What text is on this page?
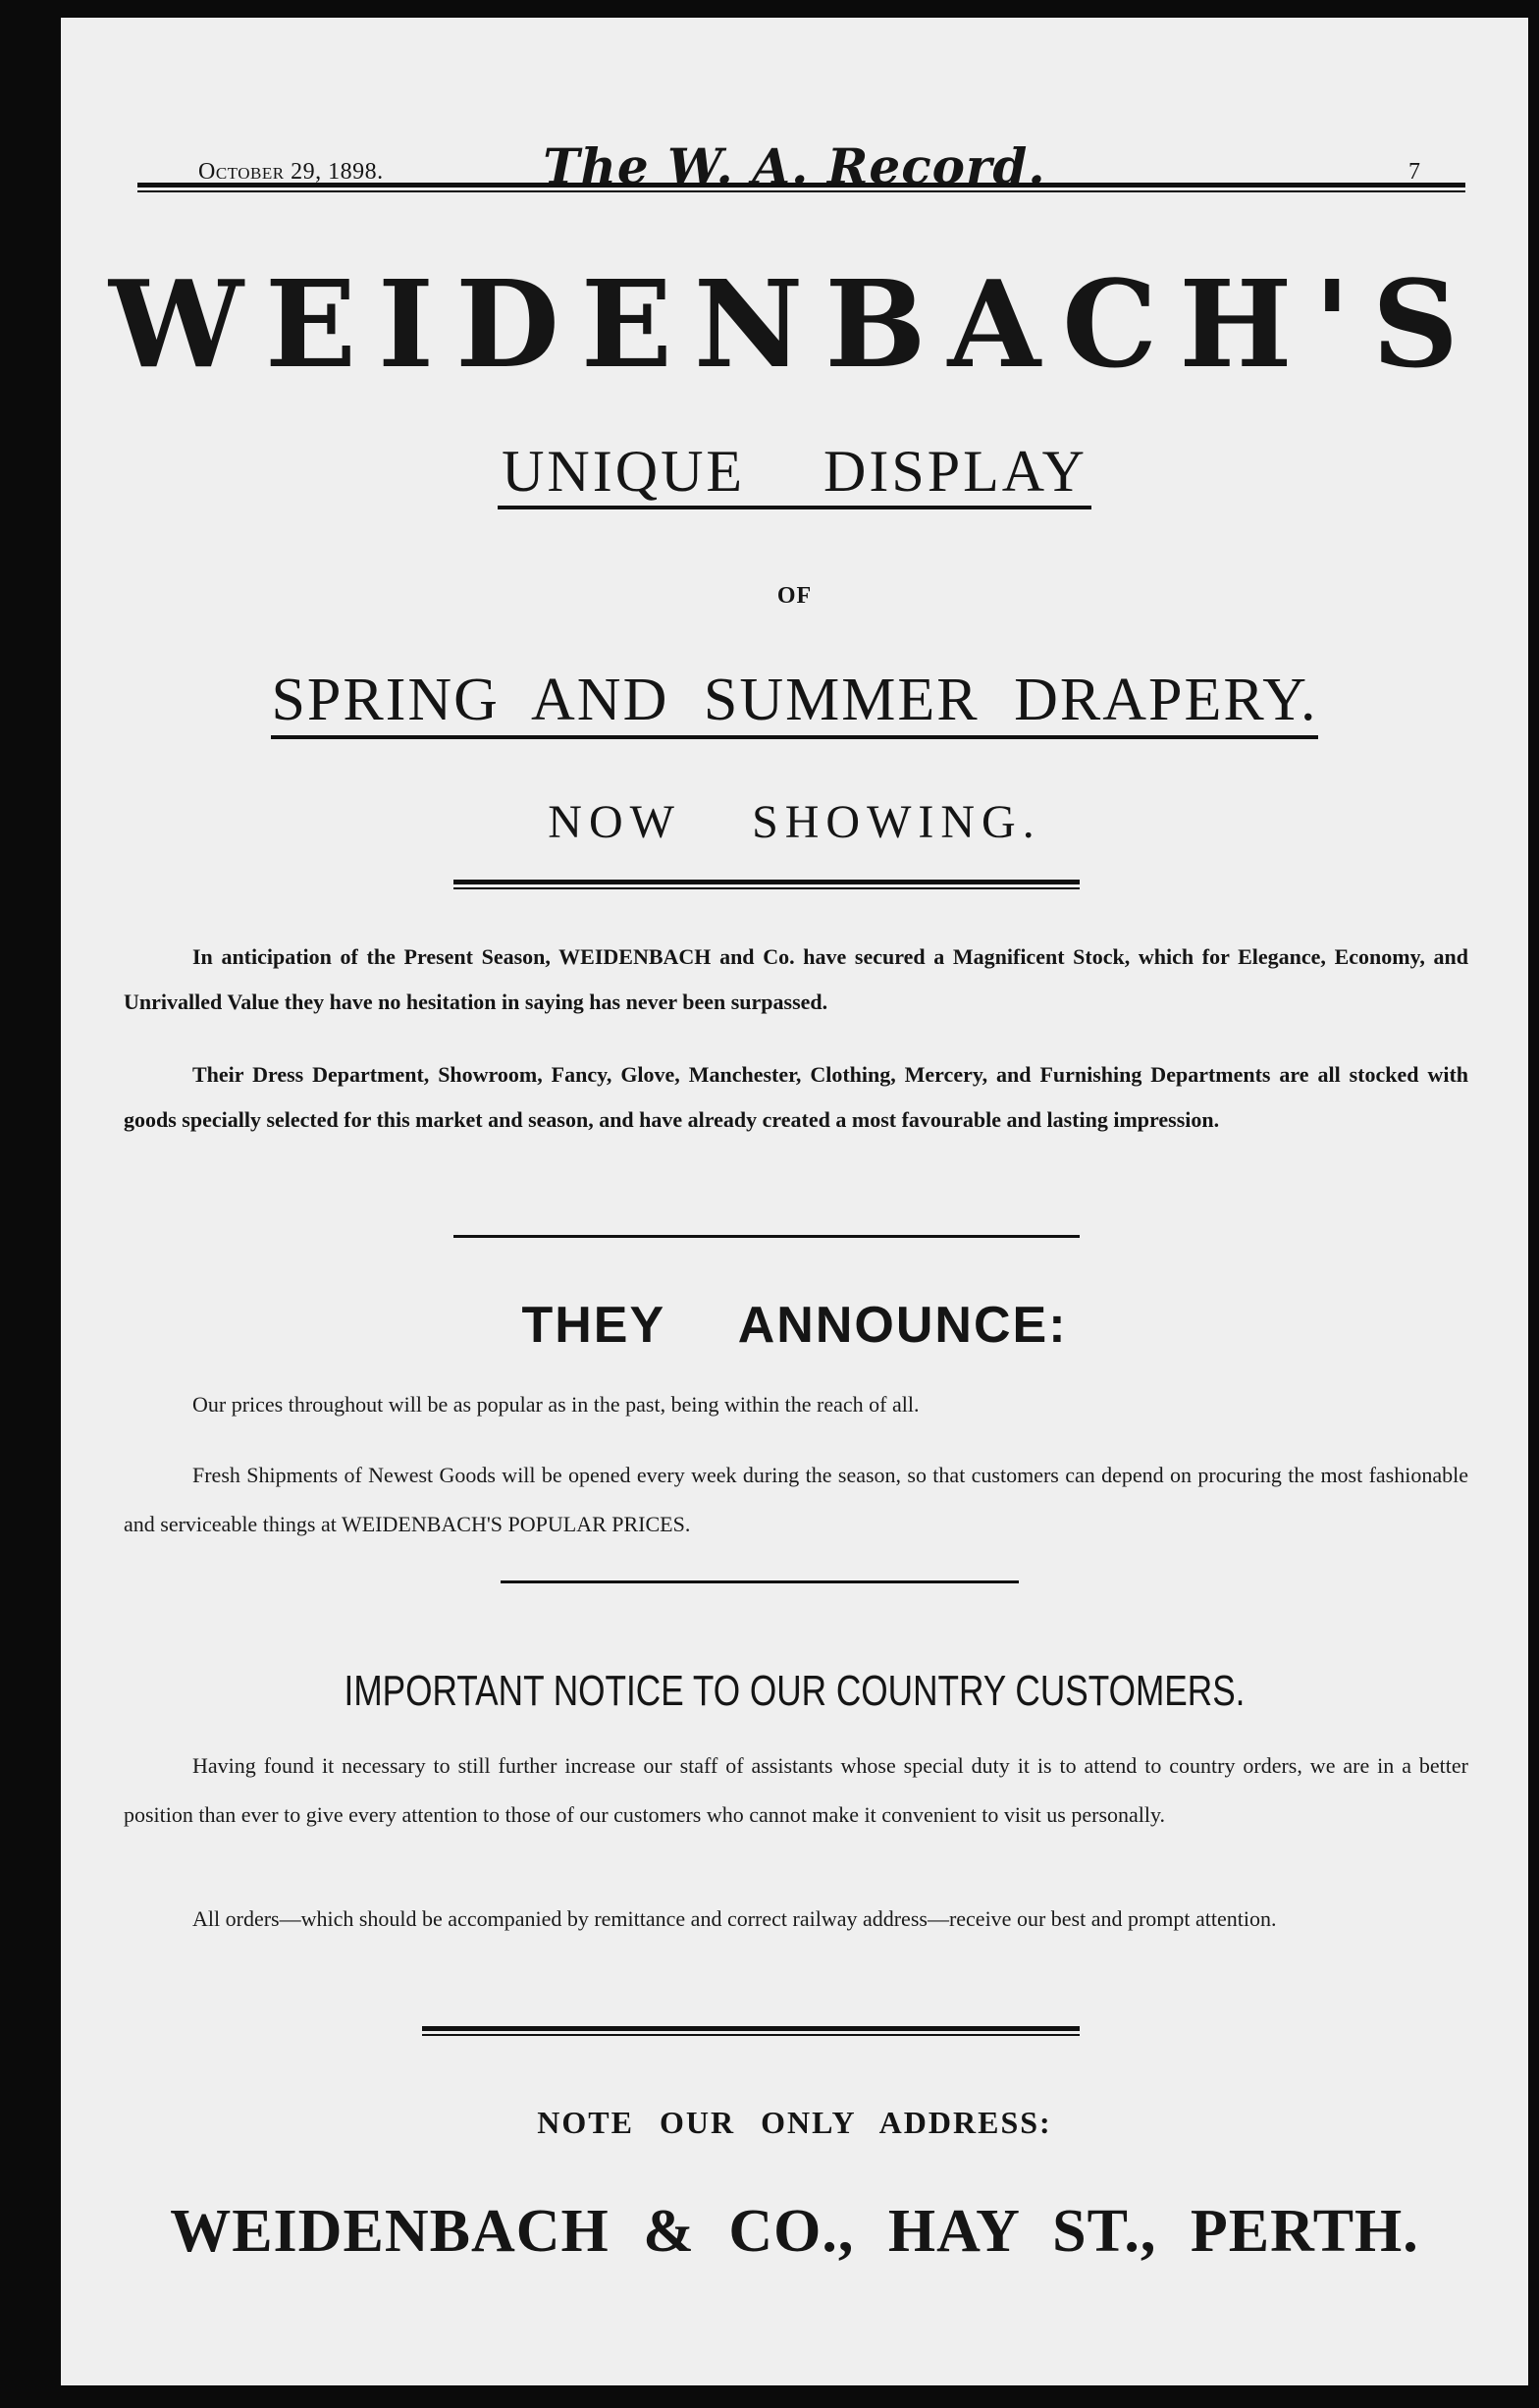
October 29, 1898.	The W. A. Record.	7
WEIDENBACH'S
UNIQUE DISPLAY
OF
SPRING AND SUMMER DRAPERY.
NOW SHOWING.

In anticipation of the Present Season, WEIDENBACH and Co. have secured a Magnificent Stock, which for Elegance, Economy, and Unrivalled Value they have no hesitation in saying has never been surpassed.

Their Dress Department, Showroom, Fancy, Glove, Manchester, Clothing, Mercery, and Furnishing Departments are all stocked with goods specially selected for this market and season, and have already created a most favourable and lasting impression.

THEY ANNOUNCE:

Our prices throughout will be as popular as in the past, being within the reach of all.

Fresh Shipments of Newest Goods will be opened every week during the season, so that customers can depend on procuring the most fashionable and serviceable things at WEIDENBACH'S POPULAR PRICES.

IMPORTANT NOTICE TO OUR COUNTRY CUSTOMERS.

Having found it necessary to still further increase our staff of assistants whose special duty it is to attend to country orders, we are in a better position than ever to give every attention to those of our customers who cannot make it convenient to visit us personally.

All orders—which should be accompanied by remittance and correct railway address—receive our best and prompt attention.

NOTE OUR ONLY ADDRESS:
WEIDENBACH & CO., HAY ST., PERTH.
